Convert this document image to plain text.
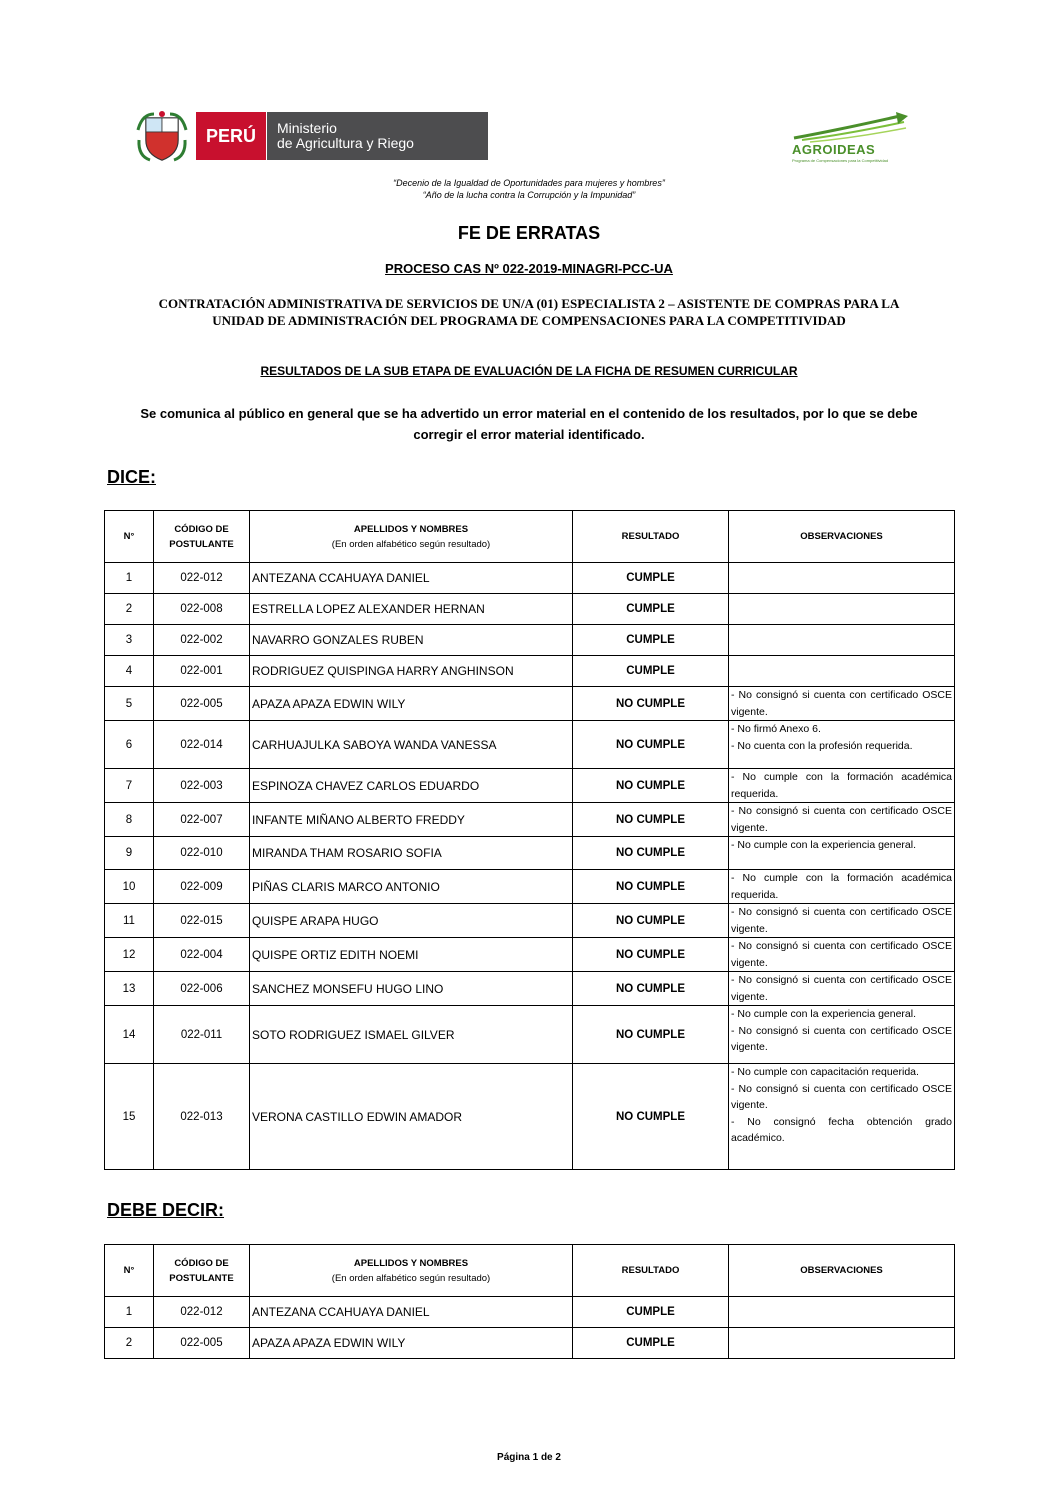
PERÚ	Ministerio
de Agricultura y Riego	AGROIDEAS
Programa de Compensaciones para la Competitividad
“Decenio de la Igualdad de Oportunidades para mujeres y hombres”
“Año de la lucha contra la Corrupción y la Impunidad”
FE DE ERRATAS
PROCESO CAS Nº 022-2019-MINAGRI-PCC-UA
CONTRATACIÓN ADMINISTRATIVA DE SERVICIOS DE UN/A (01) ESPECIALISTA 2 – ASISTENTE DE COMPRAS PARA LA
UNIDAD DE ADMINISTRACIÓN DEL PROGRAMA DE COMPENSACIONES PARA LA COMPETITIVIDAD
RESULTADOS DE LA SUB ETAPA DE EVALUACIÓN DE LA FICHA DE RESUMEN CURRICULAR
Se comunica al público en general que se ha advertido un error material en el contenido de los resultados, por lo que se debe
corregir el error material identificado.
DICE:
N°	CÓDIGO DE
POSTULANTE	APELLIDOS Y NOMBRES
(En orden alfabético según resultado)	RESULTADO	OBSERVACIONES
1	022-012	ANTEZANA CCAHUAYA DANIEL	CUMPLE	
2	022-008	ESTRELLA LOPEZ ALEXANDER HERNAN	CUMPLE	
3	022-002	NAVARRO GONZALES RUBEN	CUMPLE	
4	022-001	RODRIGUEZ QUISPINGA HARRY ANGHINSON	CUMPLE	
5	022-005	APAZA APAZA EDWIN WILY	NO CUMPLE	- No consignó si cuenta con certificado OSCE vigente.

6	022-014	CARHUAJULKA SABOYA WANDA VANESSA	NO CUMPLE	- No firmó Anexo 6.
- No cuenta con la profesión requerida.

7	022-003	ESPINOZA CHAVEZ CARLOS EDUARDO	NO CUMPLE	- No cumple con la formación académica requerida.

8	022-007	INFANTE MIÑANO ALBERTO FREDDY	NO CUMPLE	- No consignó si cuenta con certificado OSCE vigente.

9	022-010	MIRANDA THAM ROSARIO SOFIA	NO CUMPLE	- No cumple con la experiencia general.

10	022-009	PIÑAS CLARIS MARCO ANTONIO	NO CUMPLE	- No cumple con la formación académica requerida.

11	022-015	QUISPE ARAPA HUGO	NO CUMPLE	- No consignó si cuenta con certificado OSCE vigente.

12	022-004	QUISPE ORTIZ EDITH NOEMI	NO CUMPLE	- No consignó si cuenta con certificado OSCE vigente.

13	022-006	SANCHEZ MONSEFU HUGO LINO	NO CUMPLE	- No consignó si cuenta con certificado OSCE vigente.

14	022-011	SOTO RODRIGUEZ ISMAEL GILVER	NO CUMPLE	- No cumple con la experiencia general.
- No consignó si cuenta con certificado OSCE vigente.

15	022-013	VERONA CASTILLO EDWIN AMADOR	NO CUMPLE	- No cumple con capacitación requerida.
- No consignó si cuenta con certificado OSCE vigente.
- No consignó fecha obtención grado académico.
DEBE DECIR:
N°	CÓDIGO DE
POSTULANTE	APELLIDOS Y NOMBRES
(En orden alfabético según resultado)	RESULTADO	OBSERVACIONES
1	022-012	ANTEZANA CCAHUAYA DANIEL	CUMPLE	
2	022-005	APAZA APAZA EDWIN WILY	CUMPLE	
Página 1 de 2
